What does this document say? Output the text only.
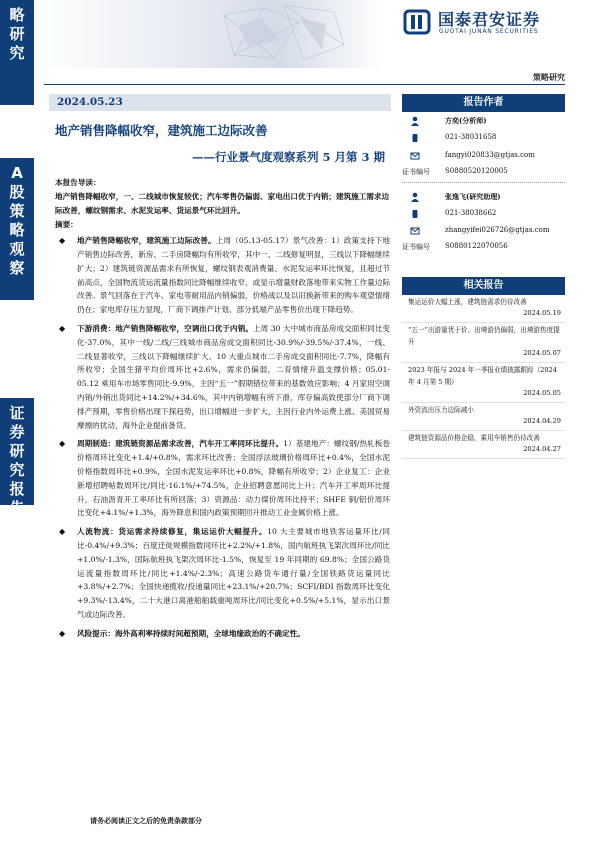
略
研
究
A
股
策
略
观
察
证
券
研
究
报
告
国泰君安证券
GUOTAI JUNAN SECURITIES
策略研究
2024.05.23
地产销售降幅收窄，建筑施工边际改善
——行业景气度观察系列 5 月第 3 期
本报告导读：
地产销售降幅收窄，一、二线城市恢复较优；汽车零售仍偏弱、家电出口优于内销；建筑施工需求边际改善，螺纹钢需求、水泥发运率、货运景气环比回升。
摘要：
◆ 地产销售降幅收窄，建筑施工边际改善。上周（05.13-05.17）景气改善：1）政策支持下地产销售边际改善，新房、二手房降幅均有所收窄，其中一、二线修复明显，三线以下降幅继续扩大；2）建筑链资源品需求有所恢复，螺纹钢表观消费量、水泥发运率环比恢复，且超过节前高点，全国物流货运流量指数同比降幅继续收窄，或显示增量财政落地带来实物工作量边际改善。景气回落在于汽车、家电等耐用品内销偏弱，价格战以及以旧换新带来的购车观望情绪仍在；家电库存压力显现，厂商下调排产计划、部分低端产品零售价出现下降趋势。
◆ 下游消费：地产销售降幅收窄，空调出口优于内销。上周 30 大中城市商品房成交面积同比变化-37.0%，其中一线/二线/三线城市商品房成交面积同比-30.9%/-39.5%/-37.4%，一线、二线显著收窄，三线以下降幅继续扩大。10 大重点城市二手房成交面积同比-7.7%，降幅有所收窄；全国生猪平均价周环比+2.6%，需求仍偏弱，二育情绪升温支撑价格；05.01-05.12 乘用车市场零售同比-9.9%，主因“五一”假期错位带来的基数效应影响；4 月家用空调内销/外销出货同比+14.2%/+34.6%，其中内销增幅有所下滑，库存偏高致使部分厂商下调排产预期，零售价格出现下探趋势，出口增幅进一步扩大，主因行业内外运费上涨、美国贸易摩擦的扰动，海外企业提前备货。
◆ 周期制造：建筑链资源品需求改善，汽车开工率同环比提升。1）基建地产：螺纹钢/热轧板卷价格周环比变化+1.4/+0.8%，需求环比改善；全国浮法玻璃价格周环比+0.4%，全国水泥价格指数周环比+0.9%，全国水泥发运率环比+0.8%，降幅有所收窄；2）企业复工：企业新增招聘帖数周环比/同比-16.1%/+74.5%，企业招聘意愿同比上升；汽车开工率周环比提升，石油沥青开工率环比有所回落；3）资源品：动力煤价周环比持平；SHFE 铜/铝价周环比变化+4.1%/+1.3%，海外降息和国内政策预期回升推动工业金属价格上涨。
◆ 人流物流：货运需求持续修复，集运运价大幅提升。10 大主要城市地铁客运量环比/同比-0.4%/+9.3%；百度迁徙规模指数同环比+2.2%/+1.8%，国内航班执飞架次周环比/同比+1.0%/-1.3%，国际航班执飞架次周环比-1.5%，恢复至 19 年同期的 69.8%；全国公路货运流量指数周环比/同比+1.4%/-2.3%；高速公路货车通行量/全国铁路货运量同比+3.8%/+2.7%；全国快递揽收/投递量同比+23.1%/+20.7%；SCFI/BDI 指数周环比变化+9.3%/-13.4%，二十大港口离港船舶载重吨周环比/同比变化+0.5%/+5.1%，显示出口景气或边际改善。
◆ 风险提示：海外高利率持续时间超预期，全球地缘政治的不确定性。
报告作者
方奕(分析师)
021-38031658
fangyi020833@gtjas.com
证书编号 S0880520120005
张逸飞(研究助理)
021-38038662
zhangyifei026726@gtjas.com
证书编号 S0880122070056
相关报告
集运运价大幅上涨，建筑链需求仍待改善
2024.05.19
“五一”出游量优于价、出境游仍偏弱，出境游热度提升
2024.05.07
2023 年报与 2024 年一季报业绩披露跟踪（2024 年 4 月第 5 期）
2024.05.05
外资流出压力边际减小
2024.04.29
建筑链资源品价格企稳，乘用车销售仍待改善
2024.04.27
请务必阅读正文之后的免责条款部分
